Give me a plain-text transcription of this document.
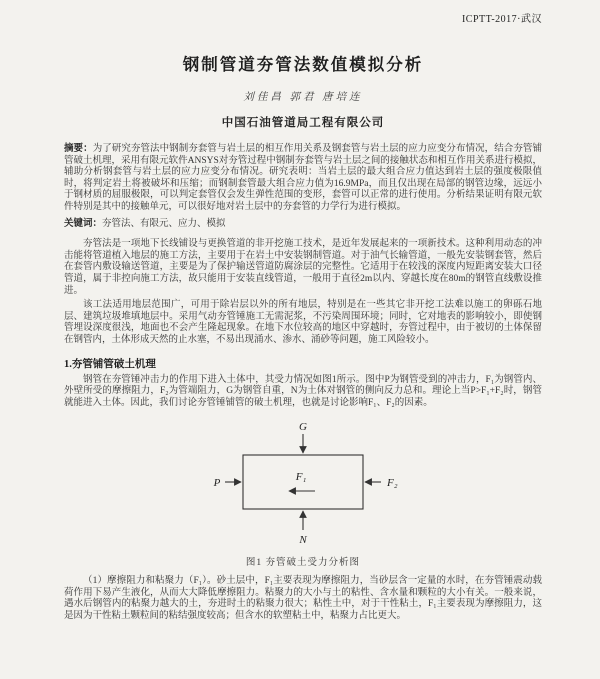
ICPTT-2017·武汉
钢制管道夯管法数值模拟分析
刘佳昌 郭君 唐培连
中国石油管道局工程有限公司

摘要：为了研究夯管法中钢制夯套管与岩土层的相互作用关系及钢套管与岩土层的应力应变分布情况，结合夯管铺管破土机理，采用有限元软件ANSYS对夯管过程中钢制夯套管与岩土层之间的接触状态和相互作用关系进行模拟，辅助分析钢套管与岩土层的应力应变分布情况。研究表明：当岩土层的最大组合应力值达到岩土层的强度极限值时，将判定岩土将被破坏和压缩；而钢制套管最大组合应力值为16.9MPa，而且仅出现在局部的钢管边缘，远远小于钢材质的屈服极限，可以判定套管仅会发生弹性范围的变形，套管可以正常的进行使用。分析结果证明有限元软件特别是其中的接触单元，可以很好地对岩土层中的夯套管的力学行为进行模拟。

关键词：夯管法、有限元、应力、模拟

夯管法是一项地下长线铺设与更换管道的非开挖施工技术，是近年发展起来的一项新技术。这种利用动态的冲击能将管道植入地层的施工方法，主要用于在岩土中安装钢制管道。对于油气长输管道，一般先安装钢套管，然后在套管内敷设输送管道，主要是为了保护输送管道防腐涂层的完整性。它适用于在较浅的深度内短距离安装大口径管道，属于非控向施工方法，故只能用于安装直线管道，一般用于直径2m以内、穿越长度在80m的钢管直线敷设推进。

该工法适用地层范围广，可用于除岩层以外的所有地层，特别是在一些其它非开挖工法难以施工的卵砾石地层、建筑垃圾堆填地层中。采用气动夯管锤施工无需泥浆，不污染周围环境；同时，它对地表的影响较小，即使钢管埋设深度很浅，地面也不会产生隆起现象。在地下水位较高的地区中穿越时，夯管过程中，由于被切的土体保留在钢管内，土体形成天然的止水塞，不易出现涌水、渗水、涌砂等问题，施工风险较小。

1.夯管铺管破土机理

钢管在夯管锤冲击力的作用下进入土体中，其受力情况如图1所示。图中P为钢管受到的冲击力，F₁为钢管内、外壁所受的摩擦阻力，F₂为管端阻力，G为钢管自重，N为土体对钢管的侧向反力总和。理论上当P>F₁+F₂时，钢管就能进入土体。因此，我们讨论夯管锤铺管的破土机理，也就是讨论影响F₁、F₂的因素。

G
N
P	F₂
F₁
图1 夯管破土受力分析图

（1）摩擦阻力和粘聚力（F₁）。砂土层中，F₁主要表现为摩擦阻力，当砂层含一定量的水时，在夯管锤震动载荷作用下易产生液化，从而大大降低摩擦阻力。粘聚力的大小与土的粘性、含水量和颗粒的大小有关。一般来说，遇水后钢管内的粘聚力越大的土，夯进时土的粘聚力很大；粘性土中，对于干性粘土，F₁主要表现为摩擦阻力，这是因为干性粘土颗粒间的粘结强度较高；但含水的软塑粘土中，粘聚力占比更大。
